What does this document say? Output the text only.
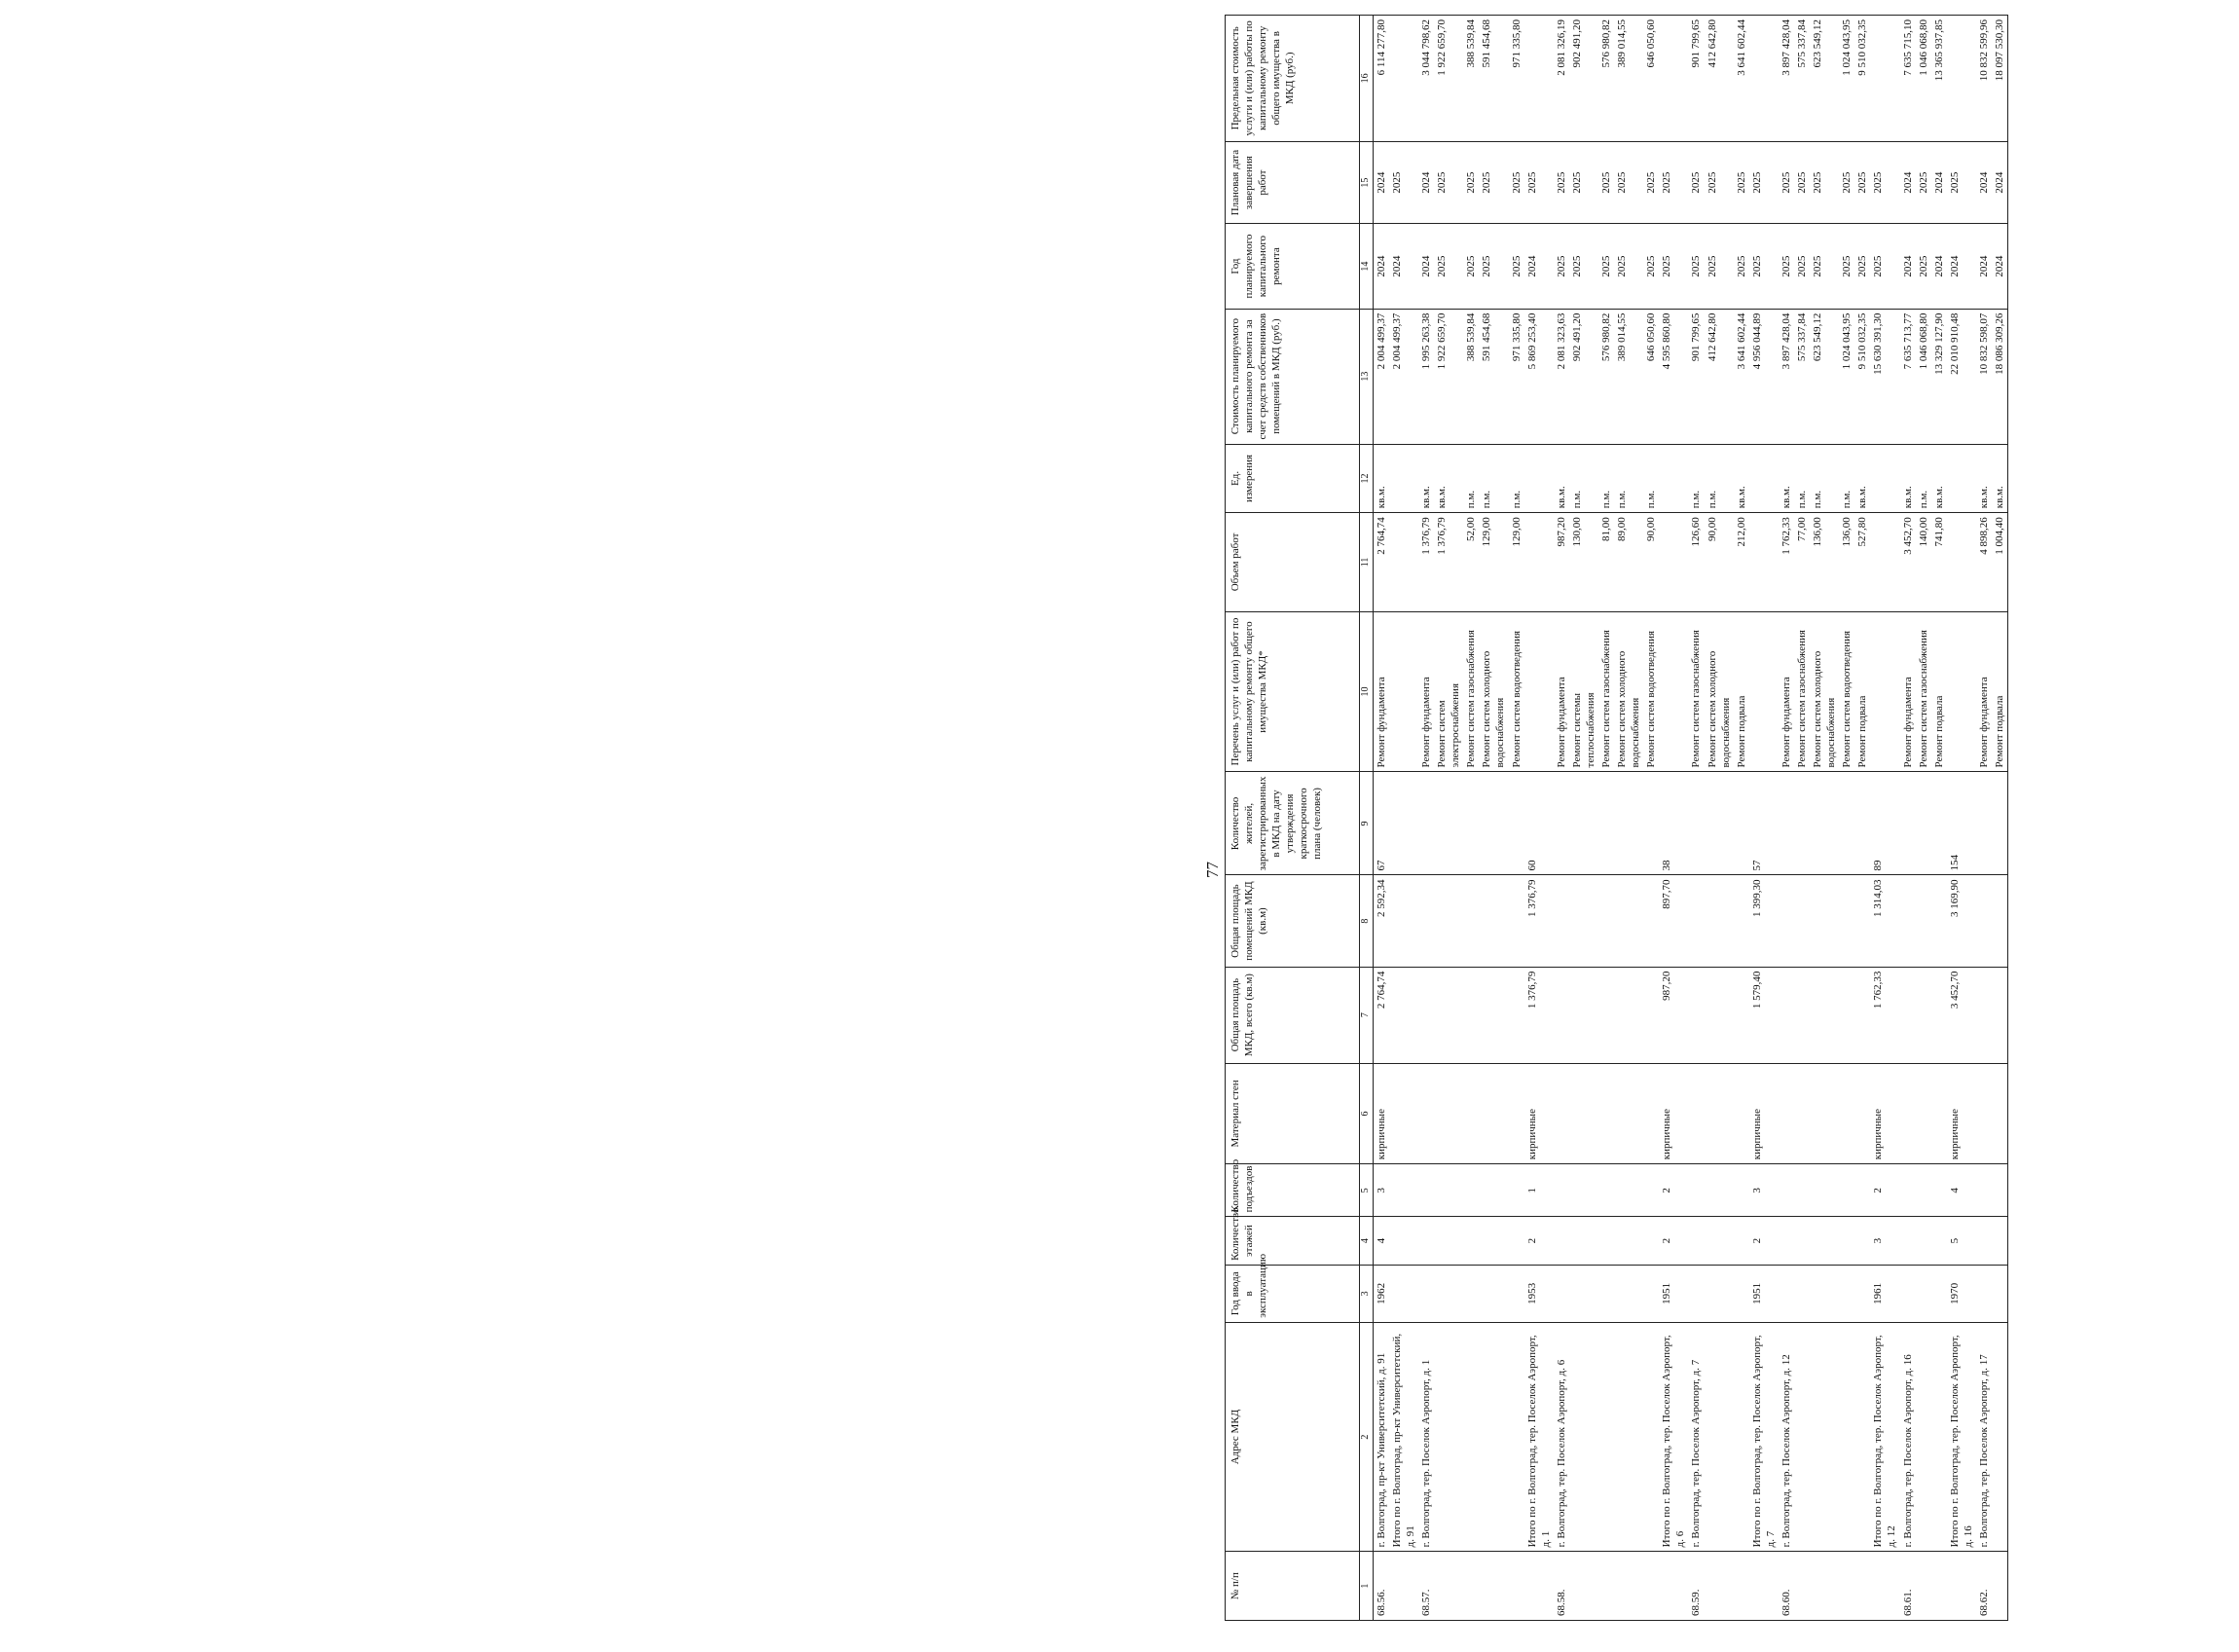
77
№ п/п	Адрес МКД	Год ввода в эксплуатацию	Количество этажей	Количество подъездов	Материал стен	Общая площадь МКД, всего (кв.м)	Общая площадь помещений МКД (кв.м)	Количество жителей, зарегистрированных в МКД на дату утверждения краткосрочного плана (человек)	Перечень услуг и (или) работ по капитальному ремонту общего имущества МКД*	Объем работ	Ед. измерения	Стоимость планируемого капитального ремонта за счет средств собственников помещений в МКД (руб.)	Год планируемого капитального ремонта	Плановая дата завершения работ	Предельная стоимость услуги и (или) работы по капитальному ремонту общего имущества в МКД (руб.)
1	2	3	4	5	6	7	8	9	10	11	12	13	14	15	16
68.56.	г. Волгоград, пр-кт Университетский, д. 91	1962	4	3	кирпичные	2 764,74	2 592,34	67	Ремонт фундамента	2 764,74	кв.м.	2 004 499,37	2024	2024	6 114 277,80
	Итого по г. Волгоград, пр-кт Университетский, д. 91											2 004 499,37	2024	2025	
68.57.	г. Волгоград, тер. Поселок Аэропорт, д. 1								Ремонт фундамента	1 376,79	кв.м.	1 995 263,38	2024	2024	3 044 798,62
									Ремонт систем электроснабжения	1 376,79	кв.м.	1 922 659,70	2025	2025	1 922 659,70
									Ремонт систем газоснабжения	52,00	п.м.	388 539,84	2025	2025	388 539,84
									Ремонт систем холодного водоснабжения	129,00	п.м.	591 454,68	2025	2025	591 454,68
									Ремонт систем водоотведения	129,00	п.м.	971 335,80	2025	2025	971 335,80
	Итого по г. Волгоград, тер. Поселок Аэропорт, д. 1	1953	2	1	кирпичные	1 376,79	1 376,79	60				5 869 253,40	2024	2025	
68.58.	г. Волгоград, тер. Поселок Аэропорт, д. 6								Ремонт фундамента	987,20	кв.м.	2 081 323,63	2025	2025	2 081 326,19
									Ремонт системы теплоснабжения	130,00	п.м.	902 491,20	2025	2025	902 491,20
									Ремонт систем газоснабжения	81,00	п.м.	576 980,82	2025	2025	576 980,82
									Ремонт систем холодного водоснабжения	89,00	п.м.	389 014,55	2025	2025	389 014,55
									Ремонт систем водоотведения	90,00	п.м.	646 050,60	2025	2025	646 050,60
	Итого по г. Волгоград, тер. Поселок Аэропорт, д. 6	1951	2	2	кирпичные	987,20	897,70	38				4 595 860,80	2025	2025	
68.59.	г. Волгоград, тер. Поселок Аэропорт, д. 7								Ремонт систем газоснабжения	126,60	п.м.	901 799,65	2025	2025	901 799,65
									Ремонт систем холодного водоснабжения	90,00	п.м.	412 642,80	2025	2025	412 642,80
									Ремонт подвала	212,00	кв.м.	3 641 602,44	2025	2025	3 641 602,44
	Итого по г. Волгоград, тер. Поселок Аэропорт, д. 7	1951	2	3	кирпичные	1 579,40	1 399,30	57				4 956 044,89	2025	2025	
68.60.	г. Волгоград, тер. Поселок Аэропорт, д. 12								Ремонт фундамента	1 762,33	кв.м.	3 897 428,04	2025	2025	3 897 428,04
									Ремонт систем газоснабжения	77,00	п.м.	575 337,84	2025	2025	575 337,84
									Ремонт систем холодного водоснабжения	136,00	п.м.	623 549,12	2025	2025	623 549,12
									Ремонт систем водоотведения	136,00	п.м.	1 024 043,95	2025	2025	1 024 043,95
									Ремонт подвала	527,80	кв.м.	9 510 032,35	2025	2025	9 510 032,35
	Итого по г. Волгоград, тер. Поселок Аэропорт, д. 12	1961	3	2	кирпичные	1 762,33	1 314,03	89				15 630 391,30	2025	2025	
68.61.	г. Волгоград, тер. Поселок Аэропорт, д. 16								Ремонт фундамента	3 452,70	кв.м.	7 635 713,77	2024	2024	7 635 715,10
									Ремонт систем газоснабжения	140,00	п.м.	1 046 068,80	2025	2025	1 046 068,80
									Ремонт подвала	741,80	кв.м.	13 329 127,90	2024	2024	13 365 937,85
	Итого по г. Волгоград, тер. Поселок Аэропорт, д. 16	1970	5	4	кирпичные	3 452,70	3 169,90	154				22 010 910,48	2024	2025	
68.62.	г. Волгоград, тер. Поселок Аэропорт, д. 17								Ремонт фундамента	4 898,26	кв.м.	10 832 598,07	2024	2024	10 832 599,96
									Ремонт подвала	1 004,40	кв.м.	18 086 309,26	2024	2024	18 097 530,30
